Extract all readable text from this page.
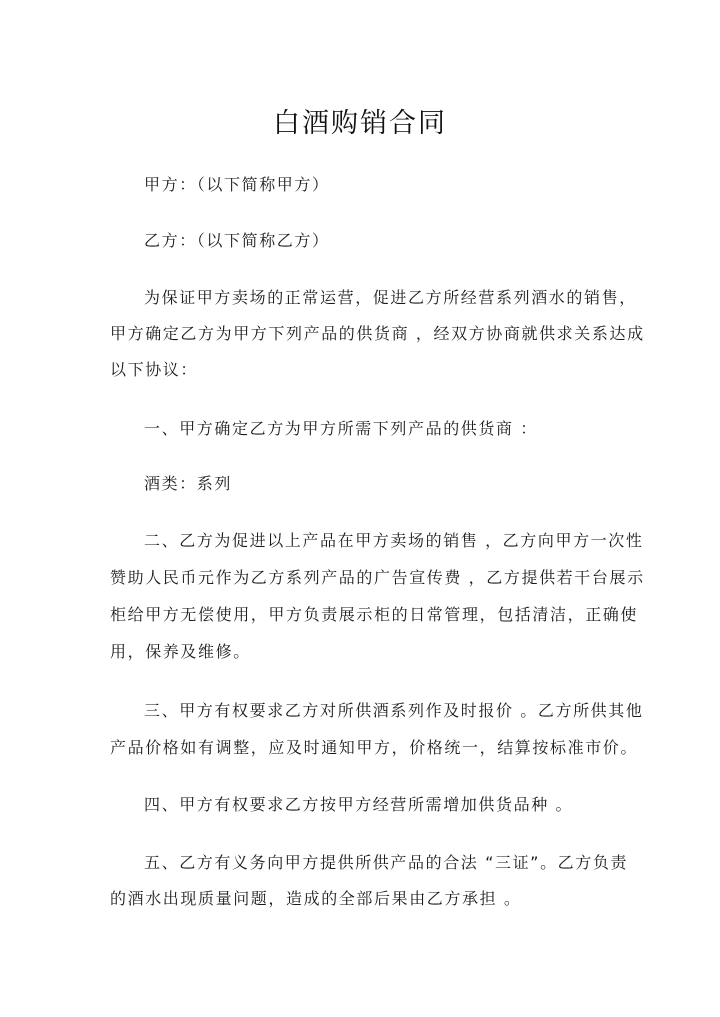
白酒购销合同
甲方：（以下简称甲方）
乙方：（以下简称乙方）
为保证甲方卖场的正常运营，促进乙方所经营系列酒水的销售，
甲方确定乙方为甲方下列产品的供货商 ，经双方协商就供求关系达成
以下协议：
一、甲方确定乙方为甲方所需下列产品的供货商 ：
酒类：系列
二、乙方为促进以上产品在甲方卖场的销售 ，乙方向甲方一次性
赞助人民币元作为乙方系列产品的广告宣传费 ，乙方提供若干台展示
柜给甲方无偿使用，甲方负责展示柜的日常管理，包括清洁，正确使
用，保养及维修。
三、甲方有权要求乙方对所供酒系列作及时报价 。乙方所供其他
产品价格如有调整，应及时通知甲方，价格统一，结算按标准市价。
四、甲方有权要求乙方按甲方经营所需增加供货品种 。
五、乙方有义务向甲方提供所供产品的合法 “三证”。乙方负责
的酒水出现质量问题，造成的全部后果由乙方承担 。
